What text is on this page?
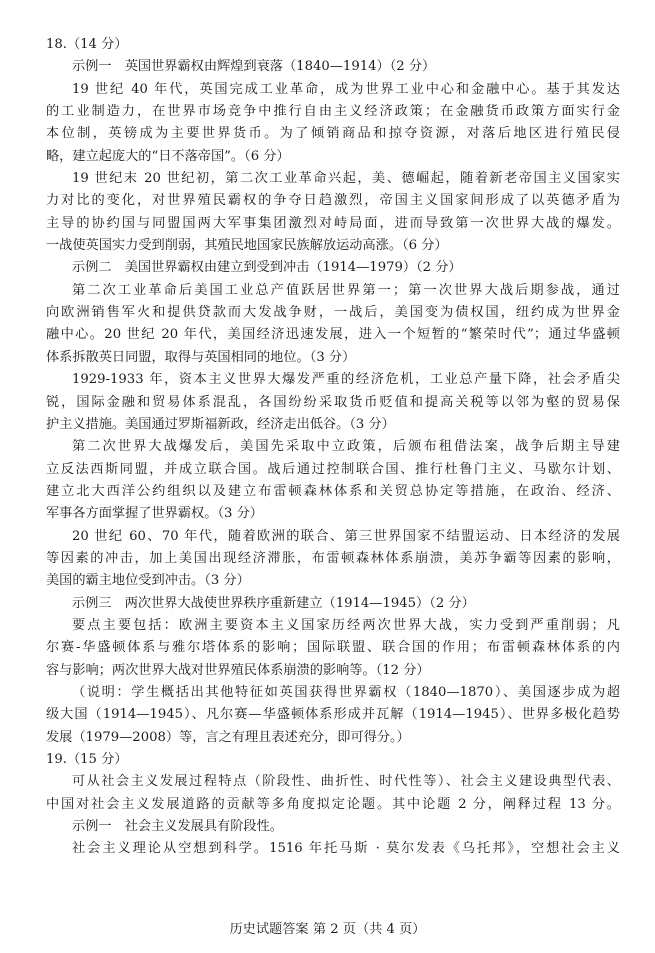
18.（14 分）
示例一　英国世界霸权由辉煌到衰落（1840—1914）（2 分）
19 世纪 40 年代，英国完成工业革命，成为世界工业中心和金融中心。基于其发达
的工业制造力，在世界市场竞争中推行自由主义经济政策；在金融货币政策方面实行金
本位制，英镑成为主要世界货币。为了倾销商品和掠夺资源，对落后地区进行殖民侵
略，建立起庞大的“日不落帝国”。（6 分）
19 世纪末 20 世纪初，第二次工业革命兴起，美、德崛起，随着新老帝国主义国家实
力对比的变化，对世界殖民霸权的争夺日趋激烈，帝国主义国家间形成了以英德矛盾为
主导的协约国与同盟国两大军事集团激烈对峙局面，进而导致第一次世界大战的爆发。
一战使英国实力受到削弱，其殖民地国家民族解放运动高涨。（6 分）
示例二　美国世界霸权由建立到受到冲击（1914—1979）（2 分）
第二次工业革命后美国工业总产值跃居世界第一；第一次世界大战后期参战，通过
向欧洲销售军火和提供贷款而大发战争财，一战后，美国变为债权国，纽约成为世界金
融中心。20 世纪 20 年代，美国经济迅速发展，进入一个短暂的“繁荣时代”；通过华盛顿
体系拆散英日同盟，取得与英国相同的地位。（3 分）
1929-1933 年，资本主义世界大爆发严重的经济危机，工业总产量下降，社会矛盾尖
锐，国际金融和贸易体系混乱，各国纷纷采取货币贬值和提高关税等以邻为壑的贸易保
护主义措施。美国通过罗斯福新政，经济走出低谷。（3 分）
第二次世界大战爆发后，美国先采取中立政策，后颁布租借法案，战争后期主导建
立反法西斯同盟，并成立联合国。战后通过控制联合国、推行杜鲁门主义、马歇尔计划、
建立北大西洋公约组织以及建立布雷顿森林体系和关贸总协定等措施，在政治、经济、
军事各方面掌握了世界霸权。（3 分）
20 世纪 60、70 年代，随着欧洲的联合、第三世界国家不结盟运动、日本经济的发展
等因素的冲击，加上美国出现经济滞胀，布雷顿森林体系崩溃，美苏争霸等因素的影响，
美国的霸主地位受到冲击。（3 分）
示例三　两次世界大战使世界秩序重新建立（1914—1945）（2 分）
要点主要包括：欧洲主要资本主义国家历经两次世界大战，实力受到严重削弱；凡
尔赛-华盛顿体系与雅尔塔体系的影响；国际联盟、联合国的作用；布雷顿森林体系的内
容与影响；两次世界大战对世界殖民体系崩溃的影响等。（12 分）
（说明：学生概括出其他特征如英国获得世界霸权（1840—1870）、美国逐步成为超
级大国（1914—1945）、凡尔赛—华盛顿体系形成并瓦解（1914—1945）、世界多极化趋势
发展（1979—2008）等，言之有理且表述充分，即可得分。）
19.（15 分）
可从社会主义发展过程特点（阶段性、曲折性、时代性等）、社会主义建设典型代表、
中国对社会主义发展道路的贡献等多角度拟定论题。其中论题 2 分，阐释过程 13 分。
示例一　社会主义发展具有阶段性。
社会主义理论从空想到科学。1516 年托马斯 · 莫尔发表《乌托邦》，空想社会主义
历史试题答案 第 2 页（共 4 页）
